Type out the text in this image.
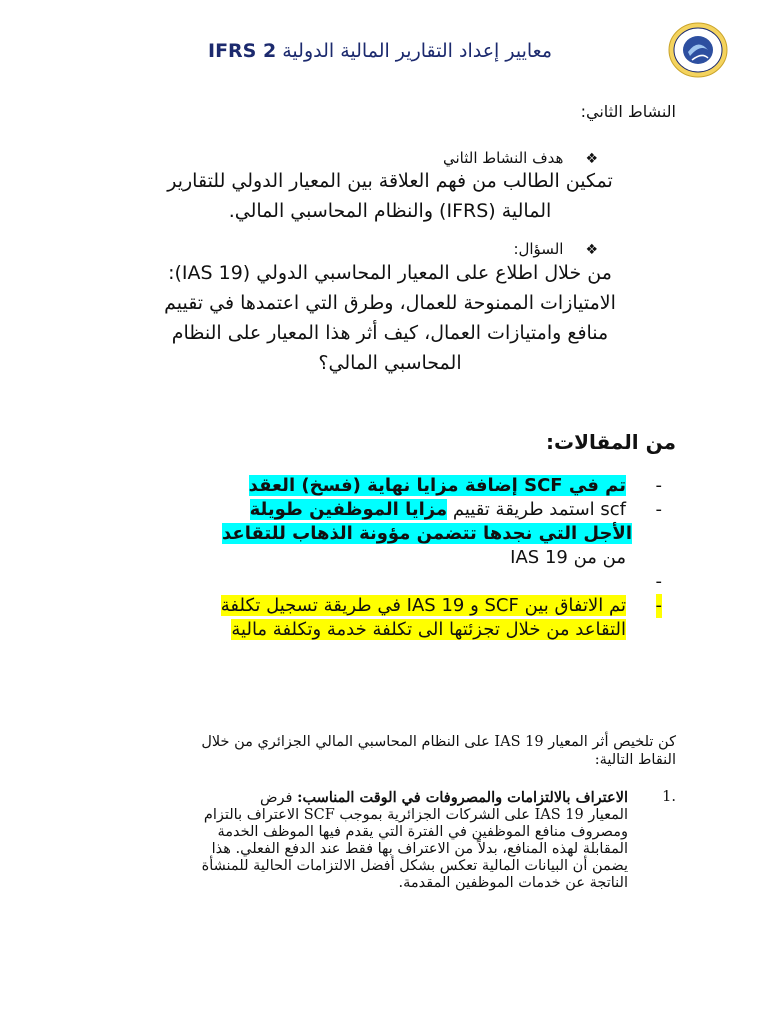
معايير إعداد التقارير المالية الدولية IFRS 2
النشاط الثاني:
❖هدف النشاط الثاني
تمكين الطالب من فهم العلاقة بين المعيار الدولي للتقارير
المالية (IFRS) والنظام المحاسبي المالي.
❖السؤال:
من خلال اطلاع على المعيار المحاسبي الدولي (IAS 19):
الامتيازات الممنوحة للعمال، وطرق التي اعتمدها في تقييم
منافع وامتيازات العمال، كيف أثر هذا المعيار على النظام
المحاسبي المالي؟
من المقالات:
-
تم في SCF إضافة مزايا نهاية (فسخ) العقد
-
scf استمد طريقة تقييم مزايا الموظفين طويلة
الأجل التي نجدها تتضمن مؤونة الذهاب للتقاعد
من من IAS 19
-

-
تم الاتفاق بين SCF و IAS 19 في طريقة تسجيل تكلفة
التقاعد من خلال تجزئتها الى تكلفة خدمة وتكلفة مالية
كن تلخيص أثر المعيار IAS 19 على النظام المحاسبي المالي الجزائري من خلال
النقاط التالية:
1.
الاعتراف بالالتزامات والمصروفات في الوقت المناسب: فرض
المعيار IAS 19 على الشركات الجزائرية بموجب SCF الاعتراف بالتزام
ومصروف منافع الموظفين في الفترة التي يقدم فيها الموظف الخدمة
المقابلة لهذه المنافع، بدلاً من الاعتراف بها فقط عند الدفع الفعلي. هذا
يضمن أن البيانات المالية تعكس بشكل أفضل الالتزامات الحالية للمنشأة
الناتجة عن خدمات الموظفين المقدمة.
